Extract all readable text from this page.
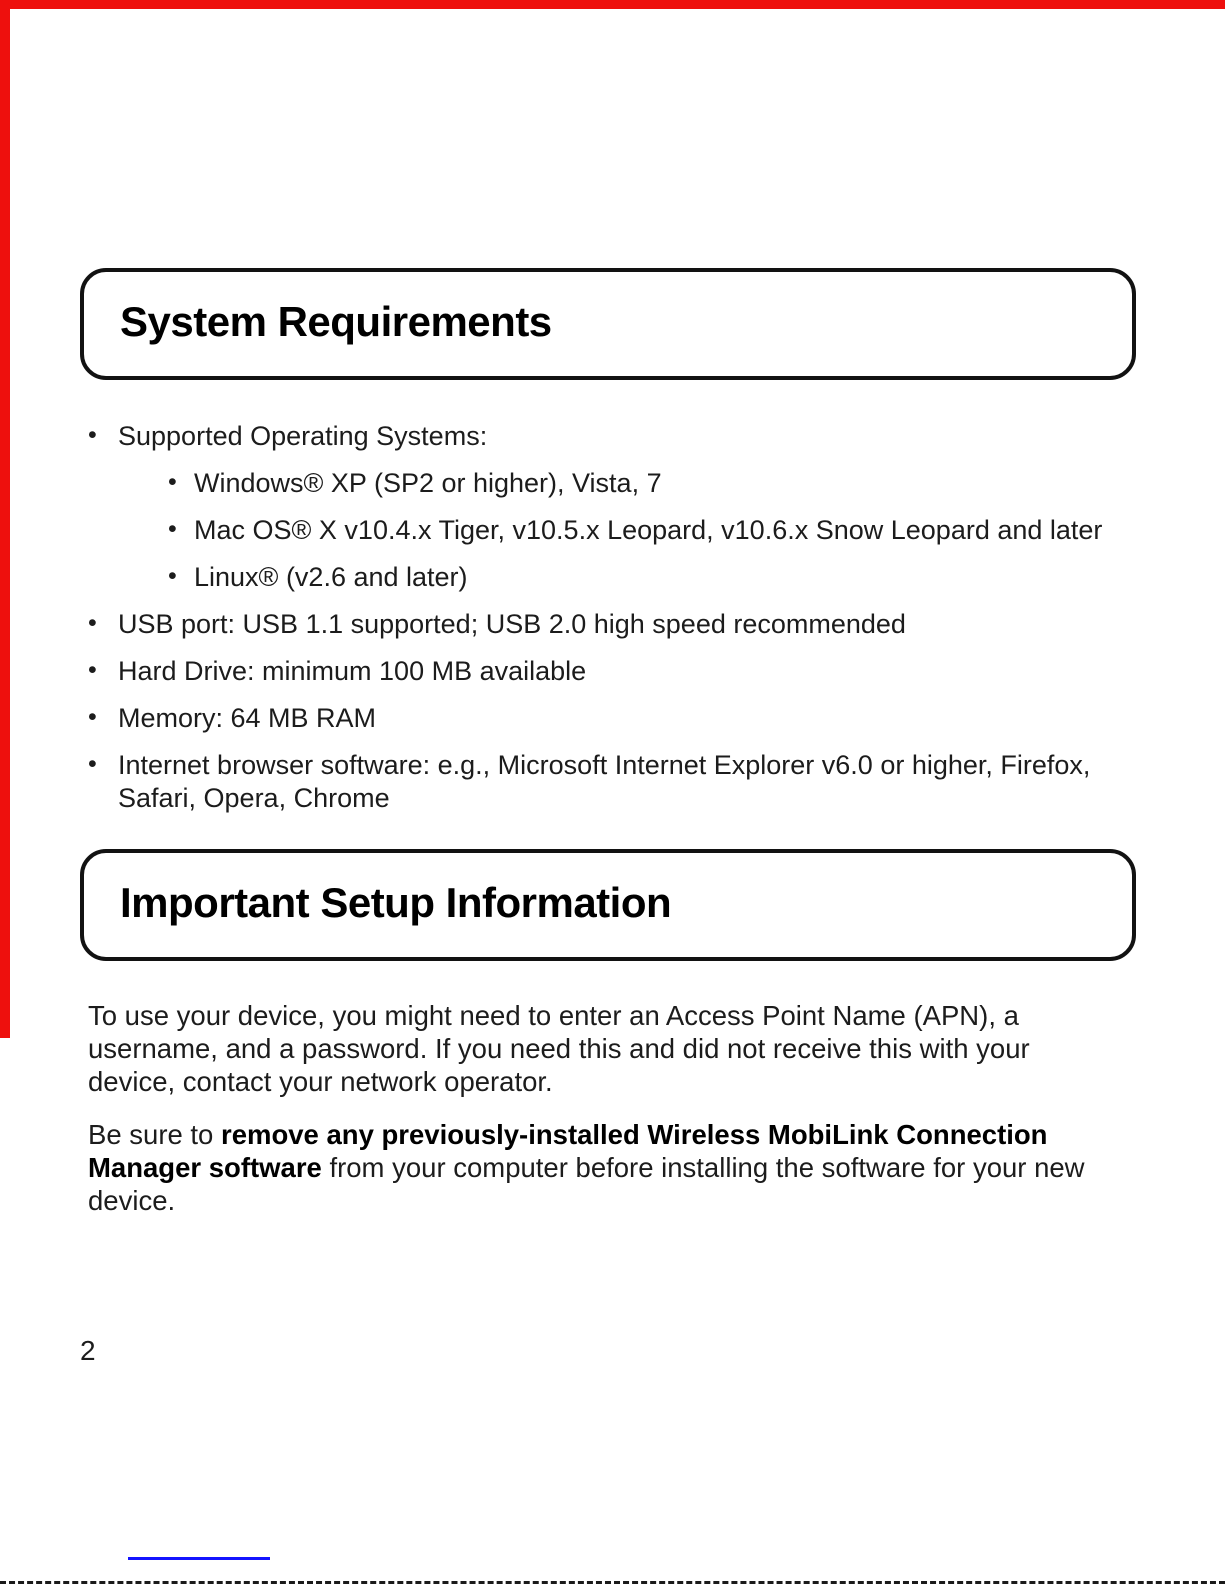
System Requirements
• Supported Operating Systems:
• Windows® XP (SP2 or higher), Vista, 7
• Mac OS® X v10.4.x Tiger, v10.5.x Leopard, v10.6.x Snow Leopard and later
• Linux® (v2.6 and later)
• USB port: USB 1.1 supported; USB 2.0 high speed recommended
• Hard Drive: minimum 100 MB available
• Memory: 64 MB RAM
• Internet browser software: e.g., Microsoft Internet Explorer v6.0 or higher, Firefox, Safari, Opera, Chrome
Important Setup Information

To use your device, you might need to enter an Access Point Name (APN), a username, and a password. If you need this and did not receive this with your device, contact your network operator.

Be sure to remove any previously-installed Wireless MobiLink Connection Manager software from your computer before installing the software for your new device.

2
